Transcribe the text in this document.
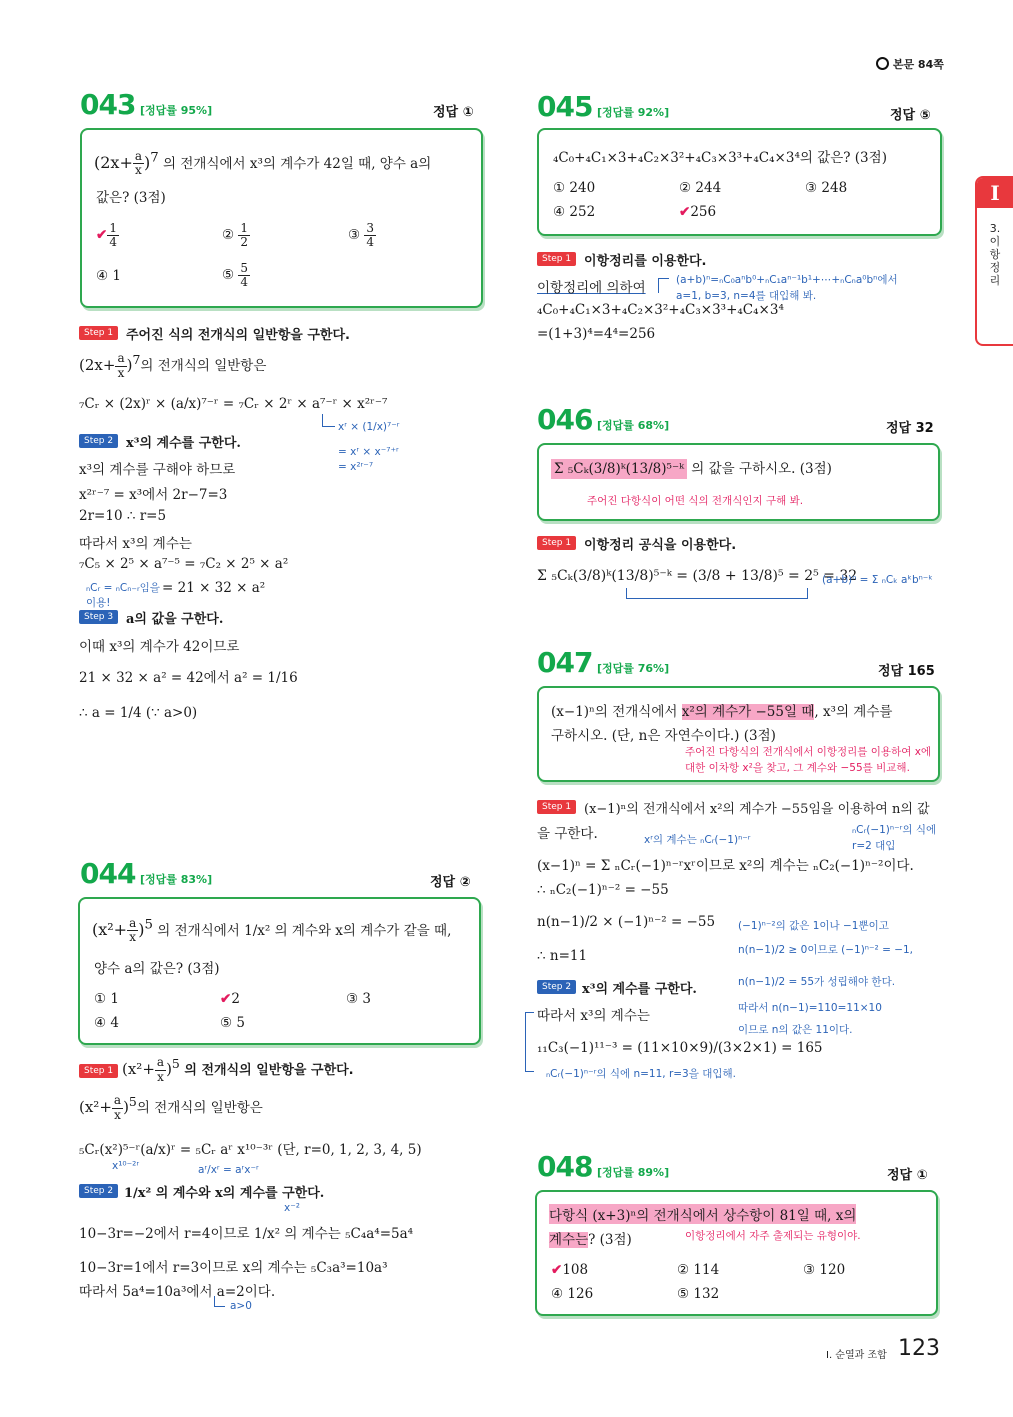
본문 84쪽
I
3. 이항정리
043 [정답률 95%]	정답 ①
$(2x+ \frac{a}{x} )^7$ 의 전개식에서 x³의 계수가 42일 때, 양수 a의
값은? (3점)
✔ $\frac{1}{4}$	② $\frac{1}{2}$	③ $\frac{3}{4}$
④ 1	⑤ $\frac{5}{4}$
Step 1 주어진 식의 전개식의 일반항을 구한다.
$(2x+ \frac{a}{x} )^7$의 전개식의 일반항은
₇Cᵣ × (2x)ʳ × (a/x)⁷⁻ʳ = ₇Cᵣ × 2ʳ × a⁷⁻ʳ × x²ʳ⁻⁷
xʳ × (1/x)⁷⁻ʳ
= xʳ × x⁻⁷⁺ʳ
= x²ʳ⁻⁷
Step 2 x³의 계수를 구한다.
x³의 계수를 구해야 하므로
x²ʳ⁻⁷ = x³에서 2r−7=3
2r=10 ∴ r=5
따라서 x³의 계수는
₇C₅ × 2⁵ × a⁷⁻⁵ = ₇C₂ × 2⁵ × a²
ₙCᵣ = ₙCₙ₋ᵣ임을
이용!
= 21 × 32 × a²
Step 3 a의 값을 구한다.
이때 x³의 계수가 42이므로
21 × 32 × a² = 42에서 a² = 1/16
∴ a = 1/4 (∵ a>0)
044 [정답률 83%]	정답 ②
$(x^2+ \frac{a}{x} )^5$ 의 전개식에서 1/x² 의 계수와 x의 계수가 같을 때,
양수 a의 값은? (3점)
① 1	✔2	③ 3
④ 4	⑤ 5
Step 1 $(x^2+ \frac{a}{x} )^5$ 의 전개식의 일반항을 구한다.
$(x^2+ \frac{a}{x} )^5$의 전개식의 일반항은
₅Cᵣ(x²)⁵⁻ʳ(a/x)ʳ = ₅Cᵣ aʳ x¹⁰⁻³ʳ (단, r=0, 1, 2, 3, 4, 5)
x¹⁰⁻²ʳ	aʳ/xʳ = aʳx⁻ʳ
Step 2 1/x² 의 계수와 x의 계수를 구한다.
x⁻²
10−3r=−2에서 r=4이므로 1/x² 의 계수는 ₅C₄a⁴=5a⁴
10−3r=1에서 r=3이므로 x의 계수는 ₅C₃a³=10a³
따라서 5a⁴=10a³에서 a=2이다.
a>0
045 [정답률 92%]	정답 ⑤
₄C₀+₄C₁×3+₄C₂×3²+₄C₃×3³+₄C₄×3⁴의 값은? (3점)
① 240	② 244	③ 248
④ 252	✔256
Step 1 이항정리를 이용한다.
이항정리에 의하여	(a+b)ⁿ=ₙC₀aⁿb⁰+ₙC₁aⁿ⁻¹b¹+⋯+ₙCₙa⁰bⁿ에서
a=1, b=3, n=4를 대입해 봐.
₄C₀+₄C₁×3+₄C₂×3²+₄C₃×3³+₄C₄×3⁴
=(1+3)⁴=4⁴=256
046 [정답률 68%]	정답 32
Σ ₅Cₖ(3/8)ᵏ(13/8)⁵⁻ᵏ 의 값을 구하시오. (3점)
주어진 다항식이 어떤 식의 전개식인지 구해 봐.
Step 1 이항정리 공식을 이용한다.
Σ ₅Cₖ(3/8)ᵏ(13/8)⁵⁻ᵏ = (3/8 + 13/8)⁵ = 2⁵ = 32
(a+b)ⁿ = Σ ₙCₖ aᵏbⁿ⁻ᵏ
047 [정답률 76%]	정답 165
(x−1)ⁿ의 전개식에서 x²의 계수가 −55일 때, x³의 계수를
구하시오. (단, n은 자연수이다.) (3점)
주어진 다항식의 전개식에서 이항정리를 이용하여 x에
대한 이차항 x²을 찾고, 그 계수와 −55를 비교해.
Step 1 (x−1)ⁿ의 전개식에서 x²의 계수가 −55임을 이용하여 n의 값
을 구한다.	xʳ의 계수는 ₙCᵣ(−1)ⁿ⁻ʳ
ₙCᵣ(−1)ⁿ⁻ʳ의 식에
r=2 대입
(x−1)ⁿ = Σ ₙCᵣ(−1)ⁿ⁻ʳxʳ이므로 x²의 계수는 ₙC₂(−1)ⁿ⁻²이다.
∴ ₙC₂(−1)ⁿ⁻² = −55
n(n−1)/2 × (−1)ⁿ⁻² = −55 (−1)ⁿ⁻²의 값은 1이나 −1뿐이고
n(n−1)/2 ≥ 0이므로 (−1)ⁿ⁻² = −1,
∴ n=11
n(n−1)/2 = 55가 성립해야 한다.
Step 2 x³의 계수를 구한다.
따라서 n(n−1)=110=11×10
따라서 x³의 계수는
이므로 n의 값은 11이다.
₁₁C₃(−1)¹¹⁻³ = (11×10×9)/(3×2×1) = 165
ₙCᵣ(−1)ⁿ⁻ʳ의 식에 n=11, r=3을 대입해.
048 [정답률 89%]	정답 ①
다항식 (x+3)ⁿ의 전개식에서 상수항이 81일 때, x의
계수는? (3점)	이항정리에서 자주 출제되는 유형이야.
✔108	② 114	③ 120
④ 126	⑤ 132
Ⅰ. 순열과 조합 123
